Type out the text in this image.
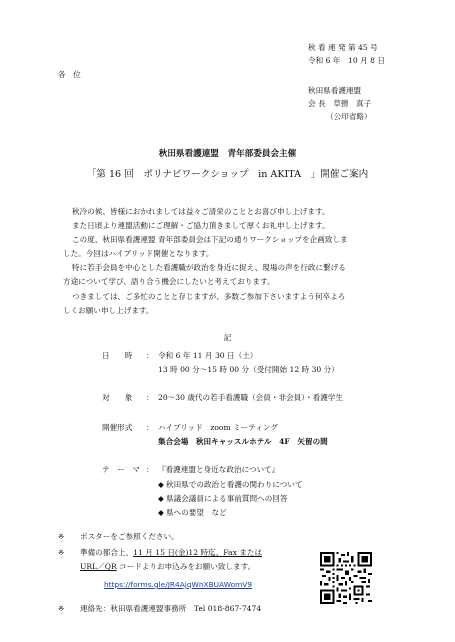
秋 看 連 発 第 45 号
令和 6 年　10 月 8 日
各　位
秋田県看護連盟
会 長　草彅　真子
（公印省略）
秋田県看護連盟　青年部委員会主催
「第 16 回　ポリナビワークショップ　in AKITA　」開催ご案内
秋冷の候、皆様におかれましては益々ご清栄のこととお喜び申し上げます。
また日頃より連盟活動にご理解・ご協力頂きまして厚くお礼申し上げます。
この度、秋田県看護連盟 青年部委員会は下記の通りワークショップを企画致しま
した。今回はハイブリッド開催となります。
特に若手会員を中心とした看護職が政治を身近に捉え、現場の声を行政に繋げる
方途について学び、語り合う機会にしたいと考えております。
つきましては、ご多忙のことと存じますが、多数ご参加下さいますよう何卒よろ
しくお願い申し上げます。
記
日　　時 ： 令和 6 年 11 月 30 日（土）
13 時 00 分～15 時 00 分（受付開始 12 時 30 分）
対　　象 ： 20～30 歳代の若手看護職（会員・非会員）・看護学生
開催形式 ： ハイブリッド　zoom ミーティング
集合会場　秋田キャッスルホテル　4F　矢留の間
テ　ー　マ ： 『看護連盟と身近な政治について』
◆ 秋田県での政治と看護の関わりについて
◆ 県議会議員による事前質問への回答
◆ 県への要望　など
※ ポスターをご参照ください。
※ 準備の都合上、11 月 15 日(金)12 時迄、Fax または
URL／QR コードよりお申込みをお願い致します。
https://forms.gle/JR4AjqWnXBUAWomV9
※ 連絡先：秋田県看護連盟事務所　Tel 018-867-7474
